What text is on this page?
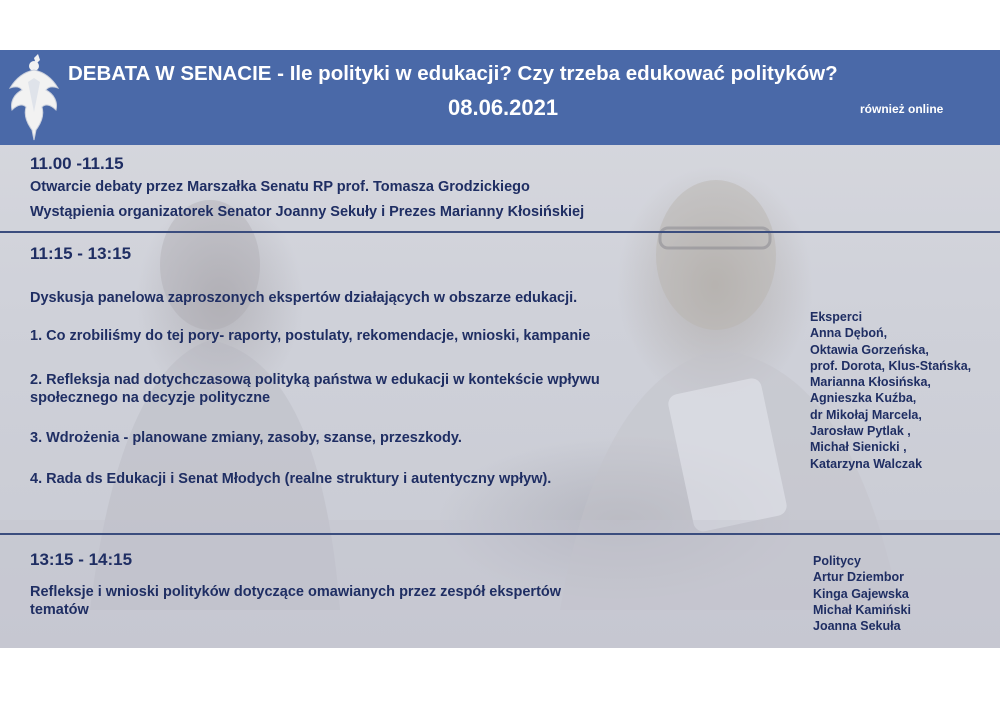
DEBATA W SENACIE - Ile polityki w edukacji? Czy trzeba edukować polityków?
08.06.2021	również online
11.00 -11.15
Otwarcie debaty przez Marszałka Senatu RP prof. Tomasza Grodzickiego
Wystąpienia organizatorek Senator Joanny Sekuły i Prezes Marianny Kłosińskiej
11:15 - 13:15
Dyskusja panelowa zaproszonych ekspertów działających w obszarze edukacji.
1. Co zrobiliśmy do tej pory- raporty, postulaty, rekomendacje, wnioski, kampanie
2. Refleksja nad dotychczasową polityką państwa w edukacji w kontekście wpływu
społecznego na decyzje polityczne
3. Wdrożenia - planowane zmiany, zasoby, szanse, przeszkody.
4. Rada ds Edukacji i Senat Młodych (realne struktury i autentyczny wpływ).
Eksperci
Anna Dęboń,
Oktawia Gorzeńska,
prof. Dorota, Klus-Stańska,
Marianna Kłosińska,
Agnieszka Kuźba,
dr Mikołaj Marcela,
Jarosław Pytlak ,
Michał Sienicki ,
Katarzyna Walczak
13:15 - 14:15
Refleksje i wnioski polityków dotyczące omawianych przez zespół ekspertów
tematów
Politycy
Artur Dziembor
Kinga Gajewska
Michał Kamiński
Joanna Sekuła
